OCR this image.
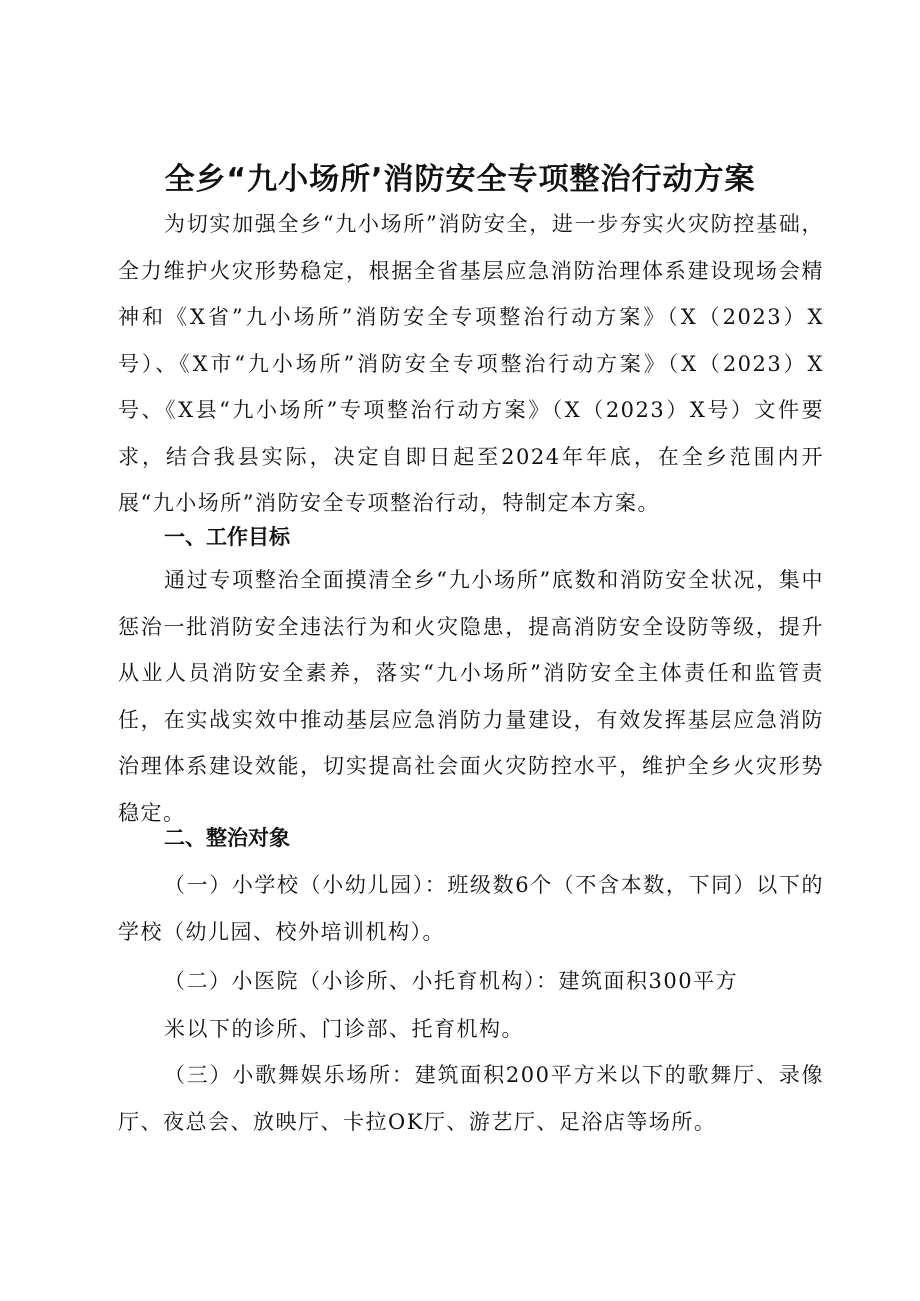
全乡“九小场所’消防安全专项整治行动方案

为切实加强全乡“九小场所”消防安全，进一步夯实火灾防控基础，全力维护火灾形势稳定，根据全省基层应急消防治理体系建设现场会精神和《X省”九小场所”消防安全专项整治行动方案》（X（2023）X号）、《X市“九小场所”消防安全专项整治行动方案》（X（2023）X号、《X县“九小场所”专项整治行动方案》（X（2023）X号）文件要求，结合我县实际，决定自即日起至2024年年底，在全乡范围内开展“九小场所”消防安全专项整治行动，特制定本方案。

一、工作目标

通过专项整治全面摸清全乡“九小场所”底数和消防安全状况，集中惩治一批消防安全违法行为和火灾隐患，提高消防安全设防等级，提升从业人员消防安全素养，落实“九小场所”消防安全主体责任和监管责任，在实战实效中推动基层应急消防力量建设，有效发挥基层应急消防治理体系建设效能，切实提高社会面火灾防控水平，维护全乡火灾形势稳定。

二、整治对象

（一）小学校（小幼儿园）：班级数6个（不含本数，下同）以下的学校（幼儿园、校外培训机构）。

（二）小医院（小诊所、小托育机构）：建筑面积300平方
米以下的诊所、门诊部、托育机构。

（三）小歌舞娱乐场所：建筑面积200平方米以下的歌舞厅、录像厅、夜总会、放映厅、卡拉OK厅、游艺厅、足浴店等场所。
